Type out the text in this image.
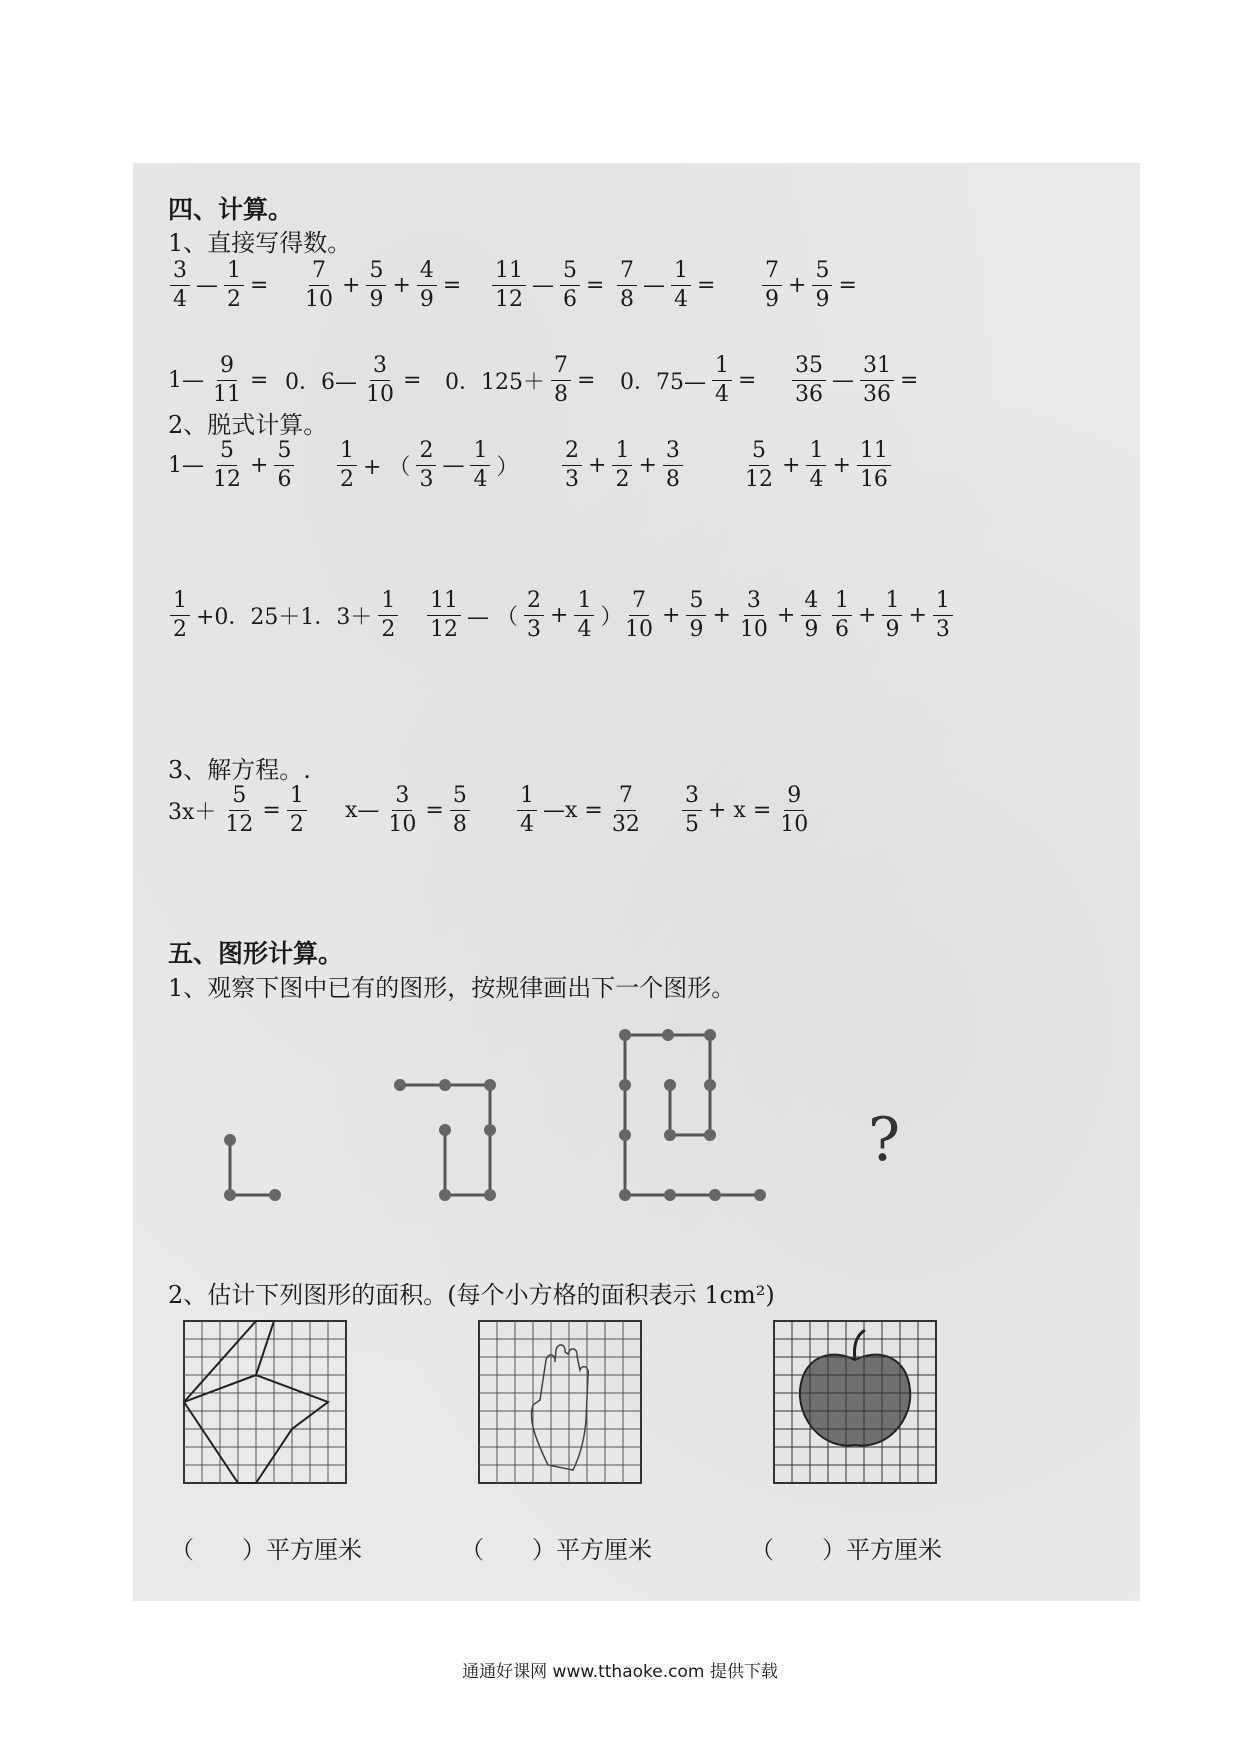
四、计算。
1、直接写得数。
$\frac{3}{4}$ — $\frac{1}{2} = \frac{7}{10} + \frac{5}{9} + \frac{4}{9} = \frac{11}{12}$ — $\frac{5}{6} = \frac{7}{8}$ — $\frac{1}{4} = \frac{7}{9} + \frac{5}{9}$ =
1— $\frac{9}{11} = 0$．6— $\frac{3}{10} = 0$．$125+ \frac{7}{8} = 0$．75— $\frac{1}{4} = \frac{35}{36}$ — $\frac{31}{36}$ =
2、脱式计算。
1— $\frac{5}{12} + \frac{5}{6} \frac{1}{2}$ + （ $\frac{2}{3}$ — $\frac{1}{4}$ ） $\frac{2}{3} + \frac{1}{2} + \frac{3}{8}$	$\frac{5}{12} + \frac{1}{4} + \frac{11}{16}$
$\frac{1}{2} +0$．25＋1．$3+ \frac{1}{2} \frac{11}{12}$ — （ $\frac{2}{3} + \frac{1}{4}$ ） $\frac{7}{10} + \frac{5}{9} + \frac{3}{10} + \frac{4}{9} \frac{1}{6} + \frac{1}{9} + \frac{1}{3}$
3、解方程。.
$3x+ \frac{5}{12} = \frac{1}{2}$ x— $\frac{3}{10} = \frac{5}{8} \frac{1}{4}$ —x = $\frac{7}{32} \frac{3}{5} + x = \frac{9}{10}$
五、图形计算。
1、观察下图中已有的图形，按规律画出下一个图形。
?
2、估计下列图形的面积。(每个小方格的面积表示 1cm²)
（　　）平方厘米	（　　）平方厘米	（　　）平方厘米
通通好课网 www.tthaoke.com 提供下载
